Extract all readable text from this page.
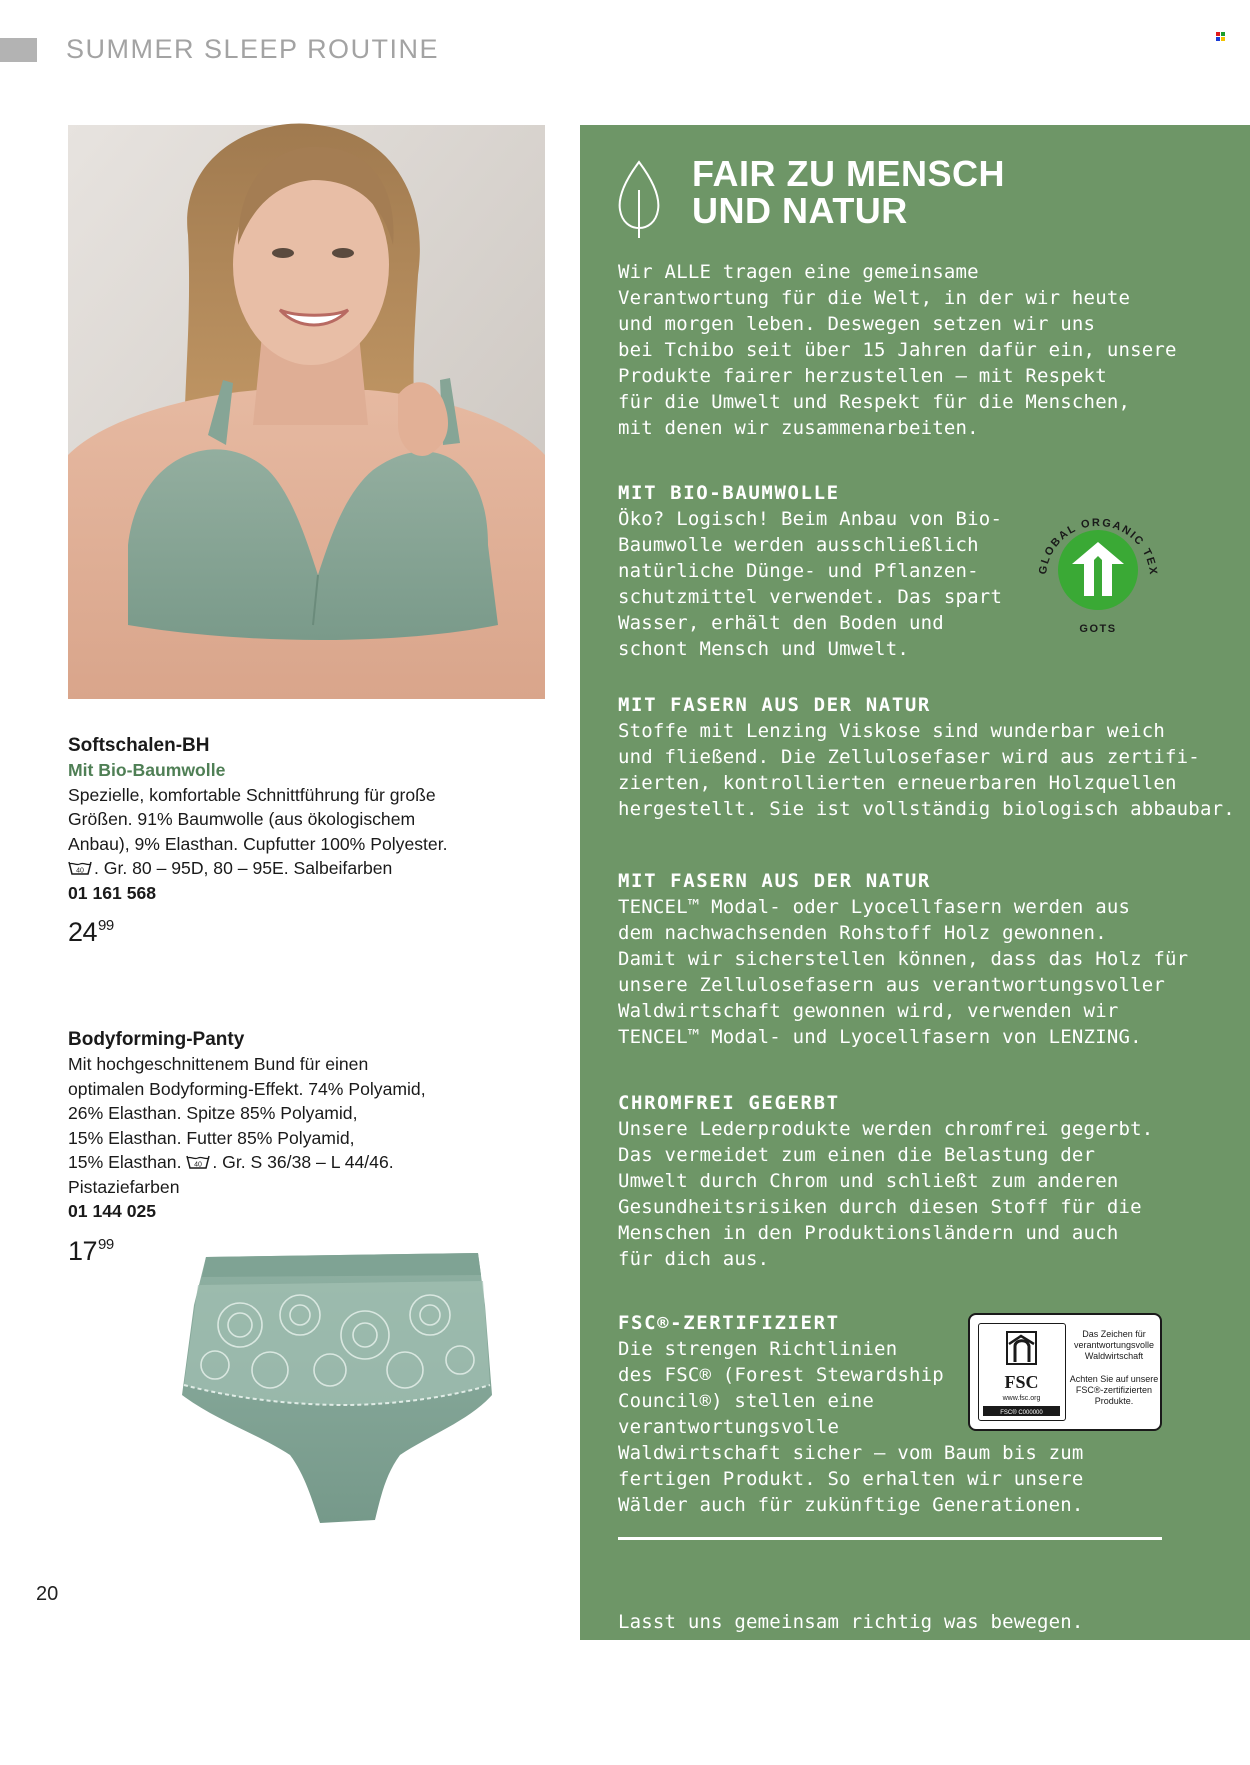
SUMMER SLEEP ROUTINE
Softschalen-BH
Mit Bio-Baumwolle
Spezielle, komfortable Schnittführung für große
Größen. 91% Baumwolle (aus ökologischem
Anbau), 9% Elasthan. Cupfutter 100% Polyester.
40 . Gr. 80 – 95D, 80 – 95E. Salbeifarben
01 161 568
$24^{99}$
Bodyforming-Panty
Mit hochgeschnittenem Bund für einen
optimalen Bodyforming-Effekt. 74% Polyamid,
26% Elasthan. Spitze 85% Polyamid,
15% Elasthan. Futter 85% Polyamid,
15% Elasthan. 40 . Gr. S 36/38 – L 44/46.
Pistaziefarben
01 144 025
$17^{99}$
20
FAIR ZU MENSCH
UND NATUR
Wir ALLE tragen eine gemeinsame
Verantwortung für die Welt, in der wir heute
und morgen leben. Deswegen setzen wir uns
bei Tchibo seit über 15 Jahren dafür ein, unsere
Produkte fairer herzustellen – mit Respekt
für die Umwelt und Respekt für die Menschen,
mit denen wir zusammenarbeiten.
MIT BIO-BAUMWOLLE
Öko? Logisch! Beim Anbau von Bio-
Baumwolle werden ausschließlich
natürliche Dünge- und Pflanzen-
schutzmittel verwendet. Das spart
Wasser, erhält den Boden und
schont Mensch und Umwelt.
GLOBAL ORGANIC TEX
GOTS
MIT FASERN AUS DER NATUR
Stoffe mit Lenzing Viskose sind wunderbar weich
und fließend. Die Zellulosefaser wird aus zertifi-
zierten, kontrollierten erneuerbaren Holzquellen
hergestellt. Sie ist vollständig biologisch abbaubar.
MIT FASERN AUS DER NATUR
TENCEL™ Modal- oder Lyocellfasern werden aus
dem nachwachsenden Rohstoff Holz gewonnen.
Damit wir sicherstellen können, dass das Holz für
unsere Zellulosefasern aus verantwortungsvoller
Waldwirtschaft gewonnen wird, verwenden wir
TENCEL™ Modal- und Lyocellfasern von LENZING.
CHROMFREI GEGERBT
Unsere Lederprodukte werden chromfrei gegerbt.
Das vermeidet zum einen die Belastung der
Umwelt durch Chrom und schließt zum anderen
Gesundheitsrisiken durch diesen Stoff für die
Menschen in den Produktionsländern und auch
für dich aus.
FSC®-ZERTIFIZIERT
Die strengen Richtlinien
des FSC® (Forest Stewardship
Council®) stellen eine
verantwortungsvolle
Waldwirtschaft sicher – vom Baum bis zum
fertigen Produkt. So erhalten wir unsere
Wälder auch für zukünftige Generationen.
FSC
www.fsc.org
FSC® C000000
Das Zeichen für verantwortungsvolle Waldwirtschaft
Achten Sie auf unsere FSC®-zertifizierten Produkte.

Lasst uns gemeinsam richtig was bewegen.

Mehr unter tchibo.de/nachhaltigkeit
